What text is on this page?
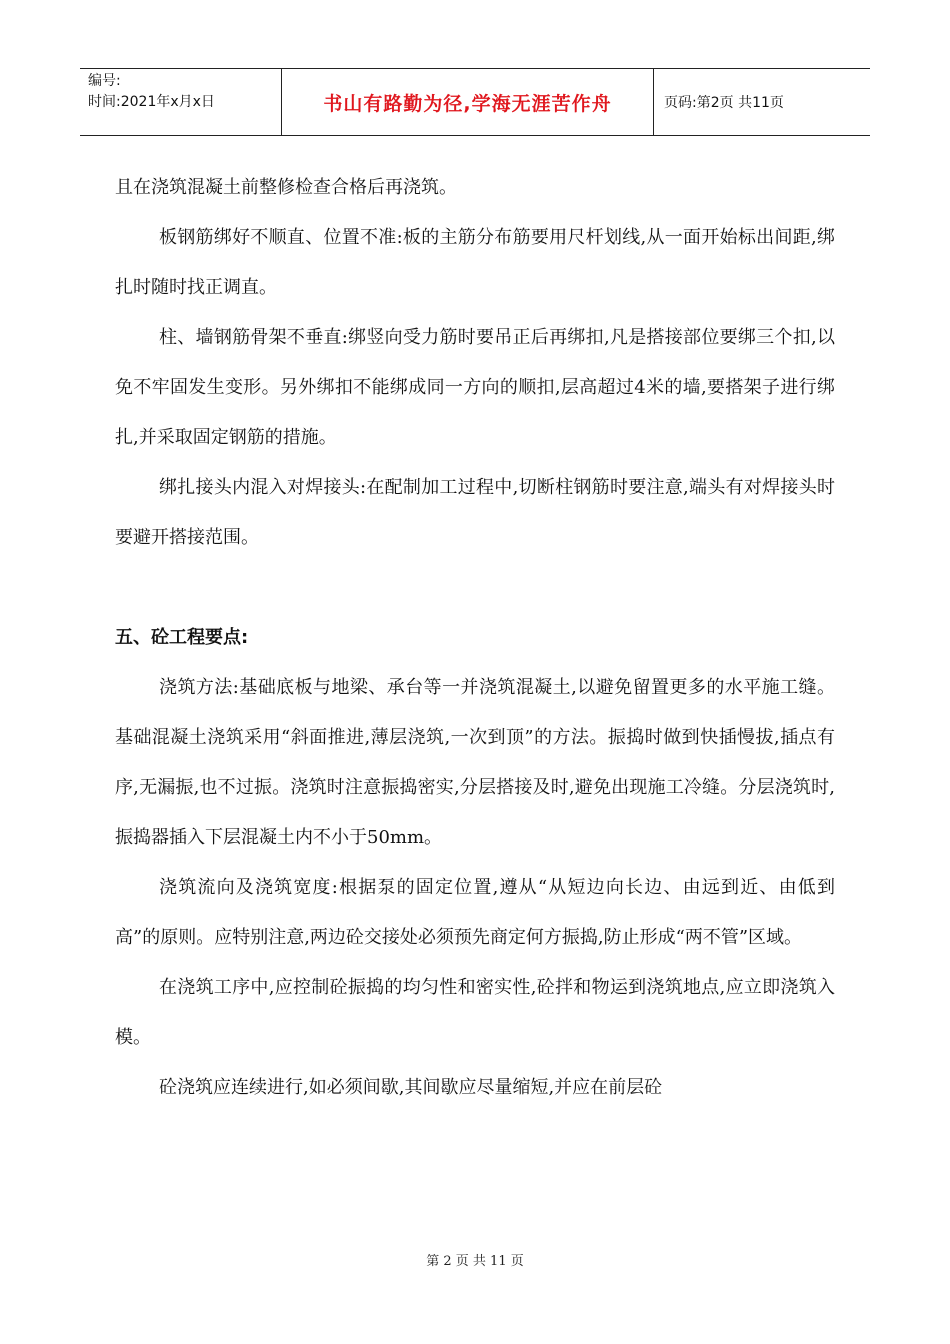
编号:
时间:2021年x月x日	书山有路勤为径,学海无涯苦作舟	页码:第2页 共11页

且在浇筑混凝土前整修检查合格后再浇筑。

板钢筋绑好不顺直、位置不准:板的主筋分布筋要用尺杆划线,从一面开始标出间距,绑扎时随时找正调直。

柱、墙钢筋骨架不垂直:绑竖向受力筋时要吊正后再绑扣,凡是搭接部位要绑三个扣,以免不牢固发生变形。另外绑扣不能绑成同一方向的顺扣,层高超过4米的墙,要搭架子进行绑扎,并采取固定钢筋的措施。

绑扎接头内混入对焊接头:在配制加工过程中,切断柱钢筋时要注意,端头有对焊接头时要避开搭接范围。

五、砼工程要点:

浇筑方法:基础底板与地梁、承台等一并浇筑混凝土,以避免留置更多的水平施工缝。基础混凝土浇筑采用“斜面推进,薄层浇筑,一次到顶”的方法。振捣时做到快插慢拔,插点有序,无漏振,也不过振。浇筑时注意振捣密实,分层搭接及时,避免出现施工冷缝。分层浇筑时,振捣器插入下层混凝土内不小于50mm。

浇筑流向及浇筑宽度:根据泵的固定位置,遵从“从短边向长边、由远到近、由低到高”的原则。应特别注意,两边砼交接处必须预先商定何方振捣,防止形成“两不管”区域。

在浇筑工序中,应控制砼振捣的均匀性和密实性,砼拌和物运到浇筑地点,应立即浇筑入模。

砼浇筑应连续进行,如必须间歇,其间歇应尽量缩短,并应在前层砼

第 2 页 共 11 页
